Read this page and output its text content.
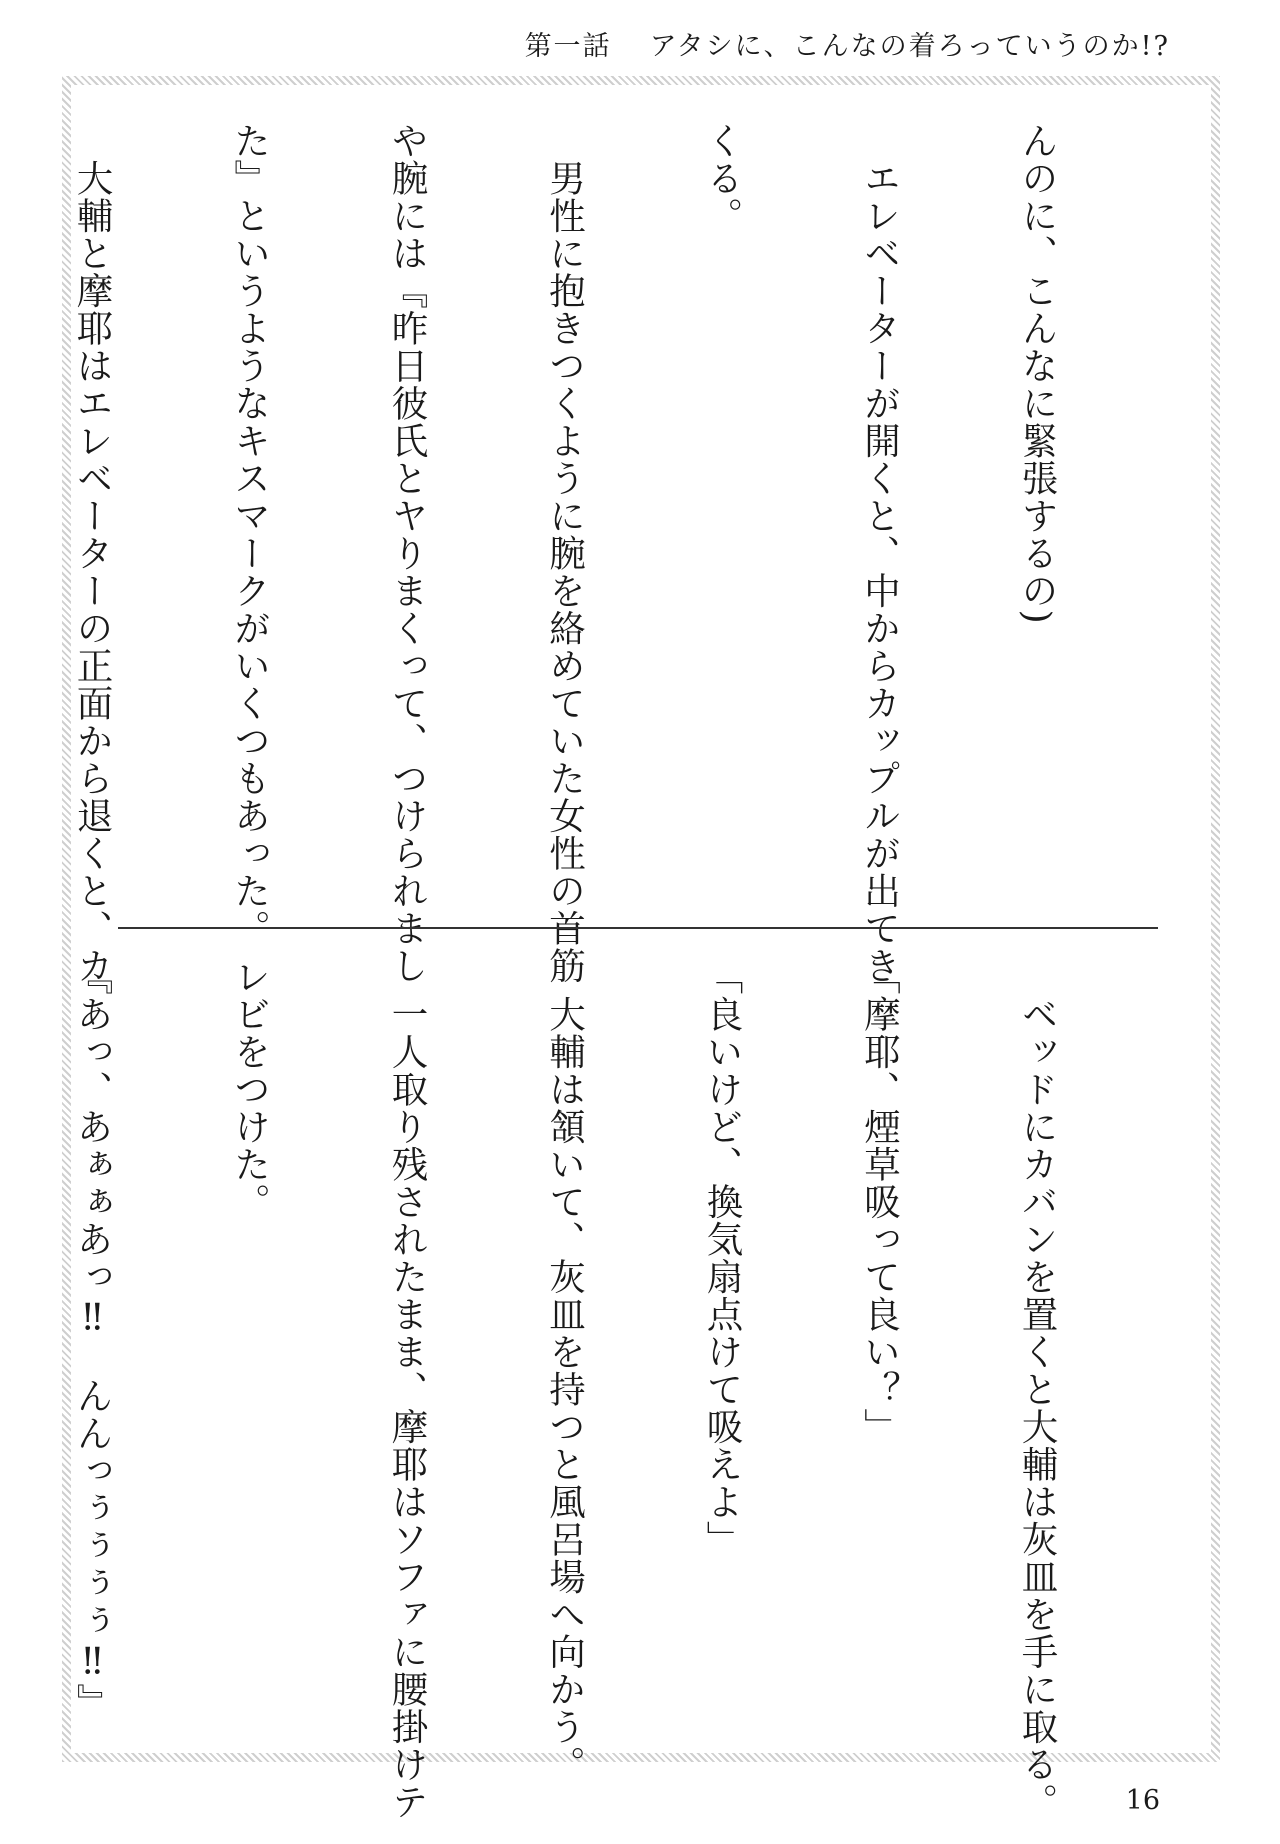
第一話 アタシに、こんなの着ろっていうのか!?

んのに、こんなに緊張するの)

　エレベーターが開くと、中からカップルが出てき

くる。

　男性に抱きつくように腕を絡めていた女性の首筋

や腕には『昨日彼氏とヤりまくって、つけられまし

た』というようなキスマークがいくつもあった。

　大輔と摩耶はエレベーターの正面から退くと、カ

　ベッドにカバンを置くと大輔は灰皿を手に取る。

「摩耶、煙草吸って良い？」

「良いけど、換気扇点けて吸えよ」

　大輔は頷いて、灰皿を持つと風呂場へ向かう。

　一人取り残されたまま、摩耶はソファに腰掛けテ

レビをつけた。

『あっ、あぁぁあっ‼　んんっぅぅぅぅ‼』

16
